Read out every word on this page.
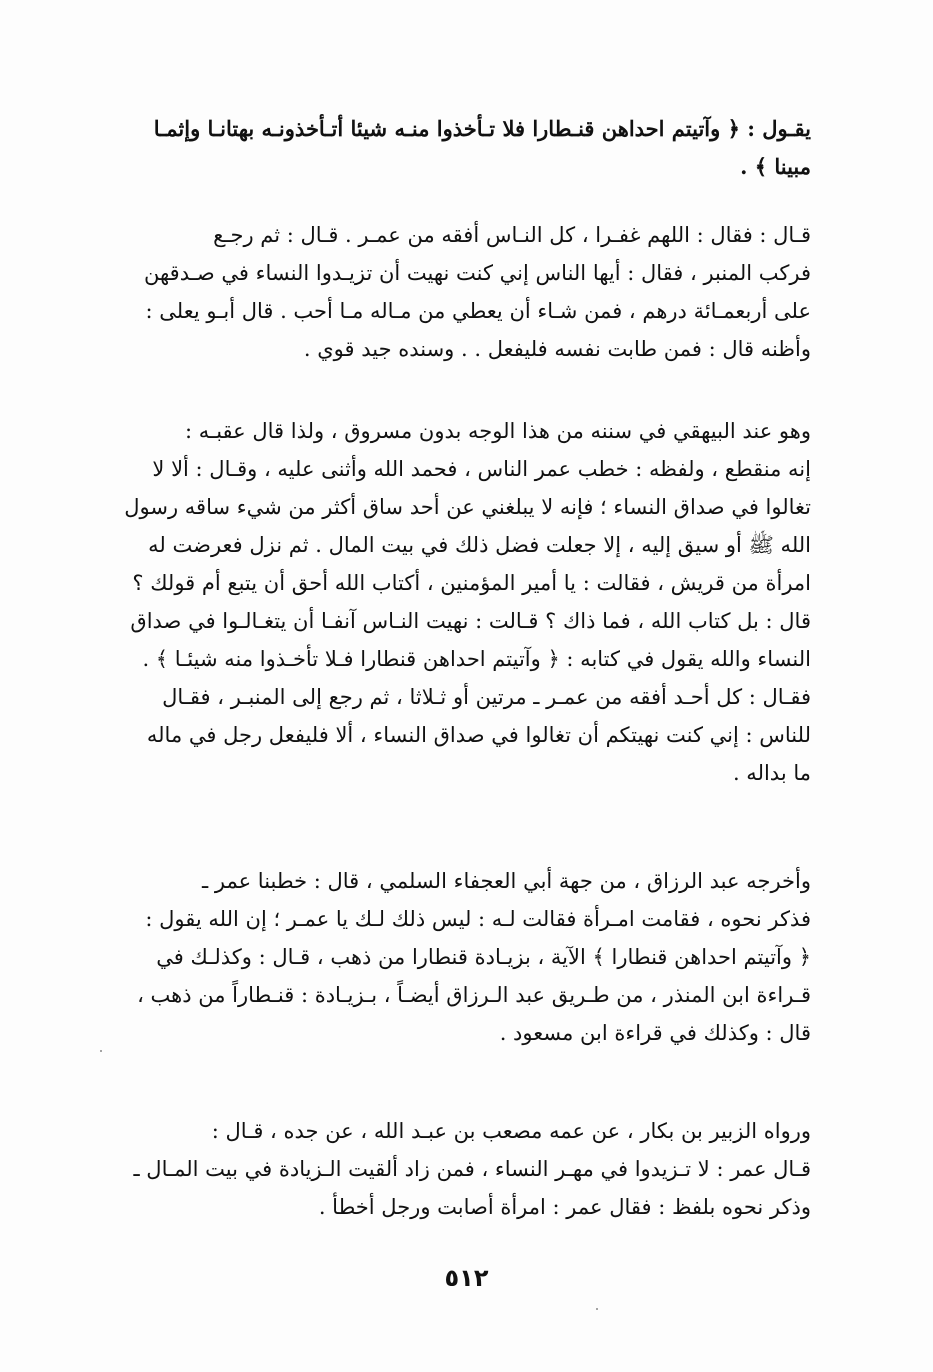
يقـول : ﴿ وآتيتم احداهن قنـطارا فلا تـأخذوا منـه شيئا أتـأخذونـه بهتانـا وإثمـا
مبينا ﴾ .
قـال : فقال : اللهم غفـرا ، كل النـاس أفقه من عمـر . قـال : ثم رجـع
فركب المنبر ، فقال : أيها الناس إني كنت نهيت أن تزيـدوا النساء في صـدقهن
على أربعمـائة درهم ، فمن شـاء أن يعطي من مـاله مـا أحب . قال أبـو يعلى :
وأظنه قال : فمن طابت نفسه فليفعل . . وسنده جيد قوي .
وهو عند البيهقي في سننه من هذا الوجه بدون مسروق ، ولذا قال عقبـه :
إنه منقطع ، ولفظه : خطب عمر الناس ، فحمد الله وأثنى عليه ، وقـال : ألا لا
تغالوا في صداق النساء ؛ فإنه لا يبلغني عن أحد ساق أكثر من شيء ساقه رسول
الله ﷺ أو سيق إليه ، إلا جعلت فضل ذلك في بيت المال . ثم نزل فعرضت له
امرأة من قريش ، فقالت : يا أمير المؤمنين ، أكتاب الله أحق أن يتبع أم قولك ؟
قال : بل كتاب الله ، فما ذاك ؟ قـالت : نهيت النـاس آنفـا أن يتغـالـوا في صداق
النساء والله يقول في كتابه : ﴿ وآتيتم احداهن قنطارا فـلا تأخـذوا منه شيئـا ﴾ .
فقـال : كل أحـد أفقه من عمـر ـ مرتين أو ثـلاثا ، ثم رجع إلى المنبـر ، فقـال
للناس : إني كنت نهيتكم أن تغالوا في صداق النساء ، ألا فليفعل رجل في ماله
ما بداله .
وأخرجه عبد الرزاق ، من جهة أبي العجفاء السلمي ، قال : خطبنا عمر ـ
فذكر نحوه ، فقامت امـرأة فقالت لـه : ليس ذلك لـك يا عمـر ؛ إن الله يقول :
﴿ وآتيتم احداهن قنطارا ﴾ الآية ، بزيـادة قنطارا من ذهب ، قـال : وكذلـك في
قـراءة ابن المنذر ، من طـريق عبد الـرزاق أيضـاً ، بـزيـادة : قنـطاراً من ذهب ،
قال : وكذلك في قراءة ابن مسعود .
ورواه الزبير بن بكار ، عن عمه مصعب بن عبـد الله ، عن جده ، قـال :
قـال عمر : لا تـزيدوا في مهـر النساء ، فمن زاد ألقيت الـزيادة في بيت المـال ـ
وذكر نحوه بلفظ : فقال عمر : امرأة أصابت ورجل أخطأ .
٥١٢
